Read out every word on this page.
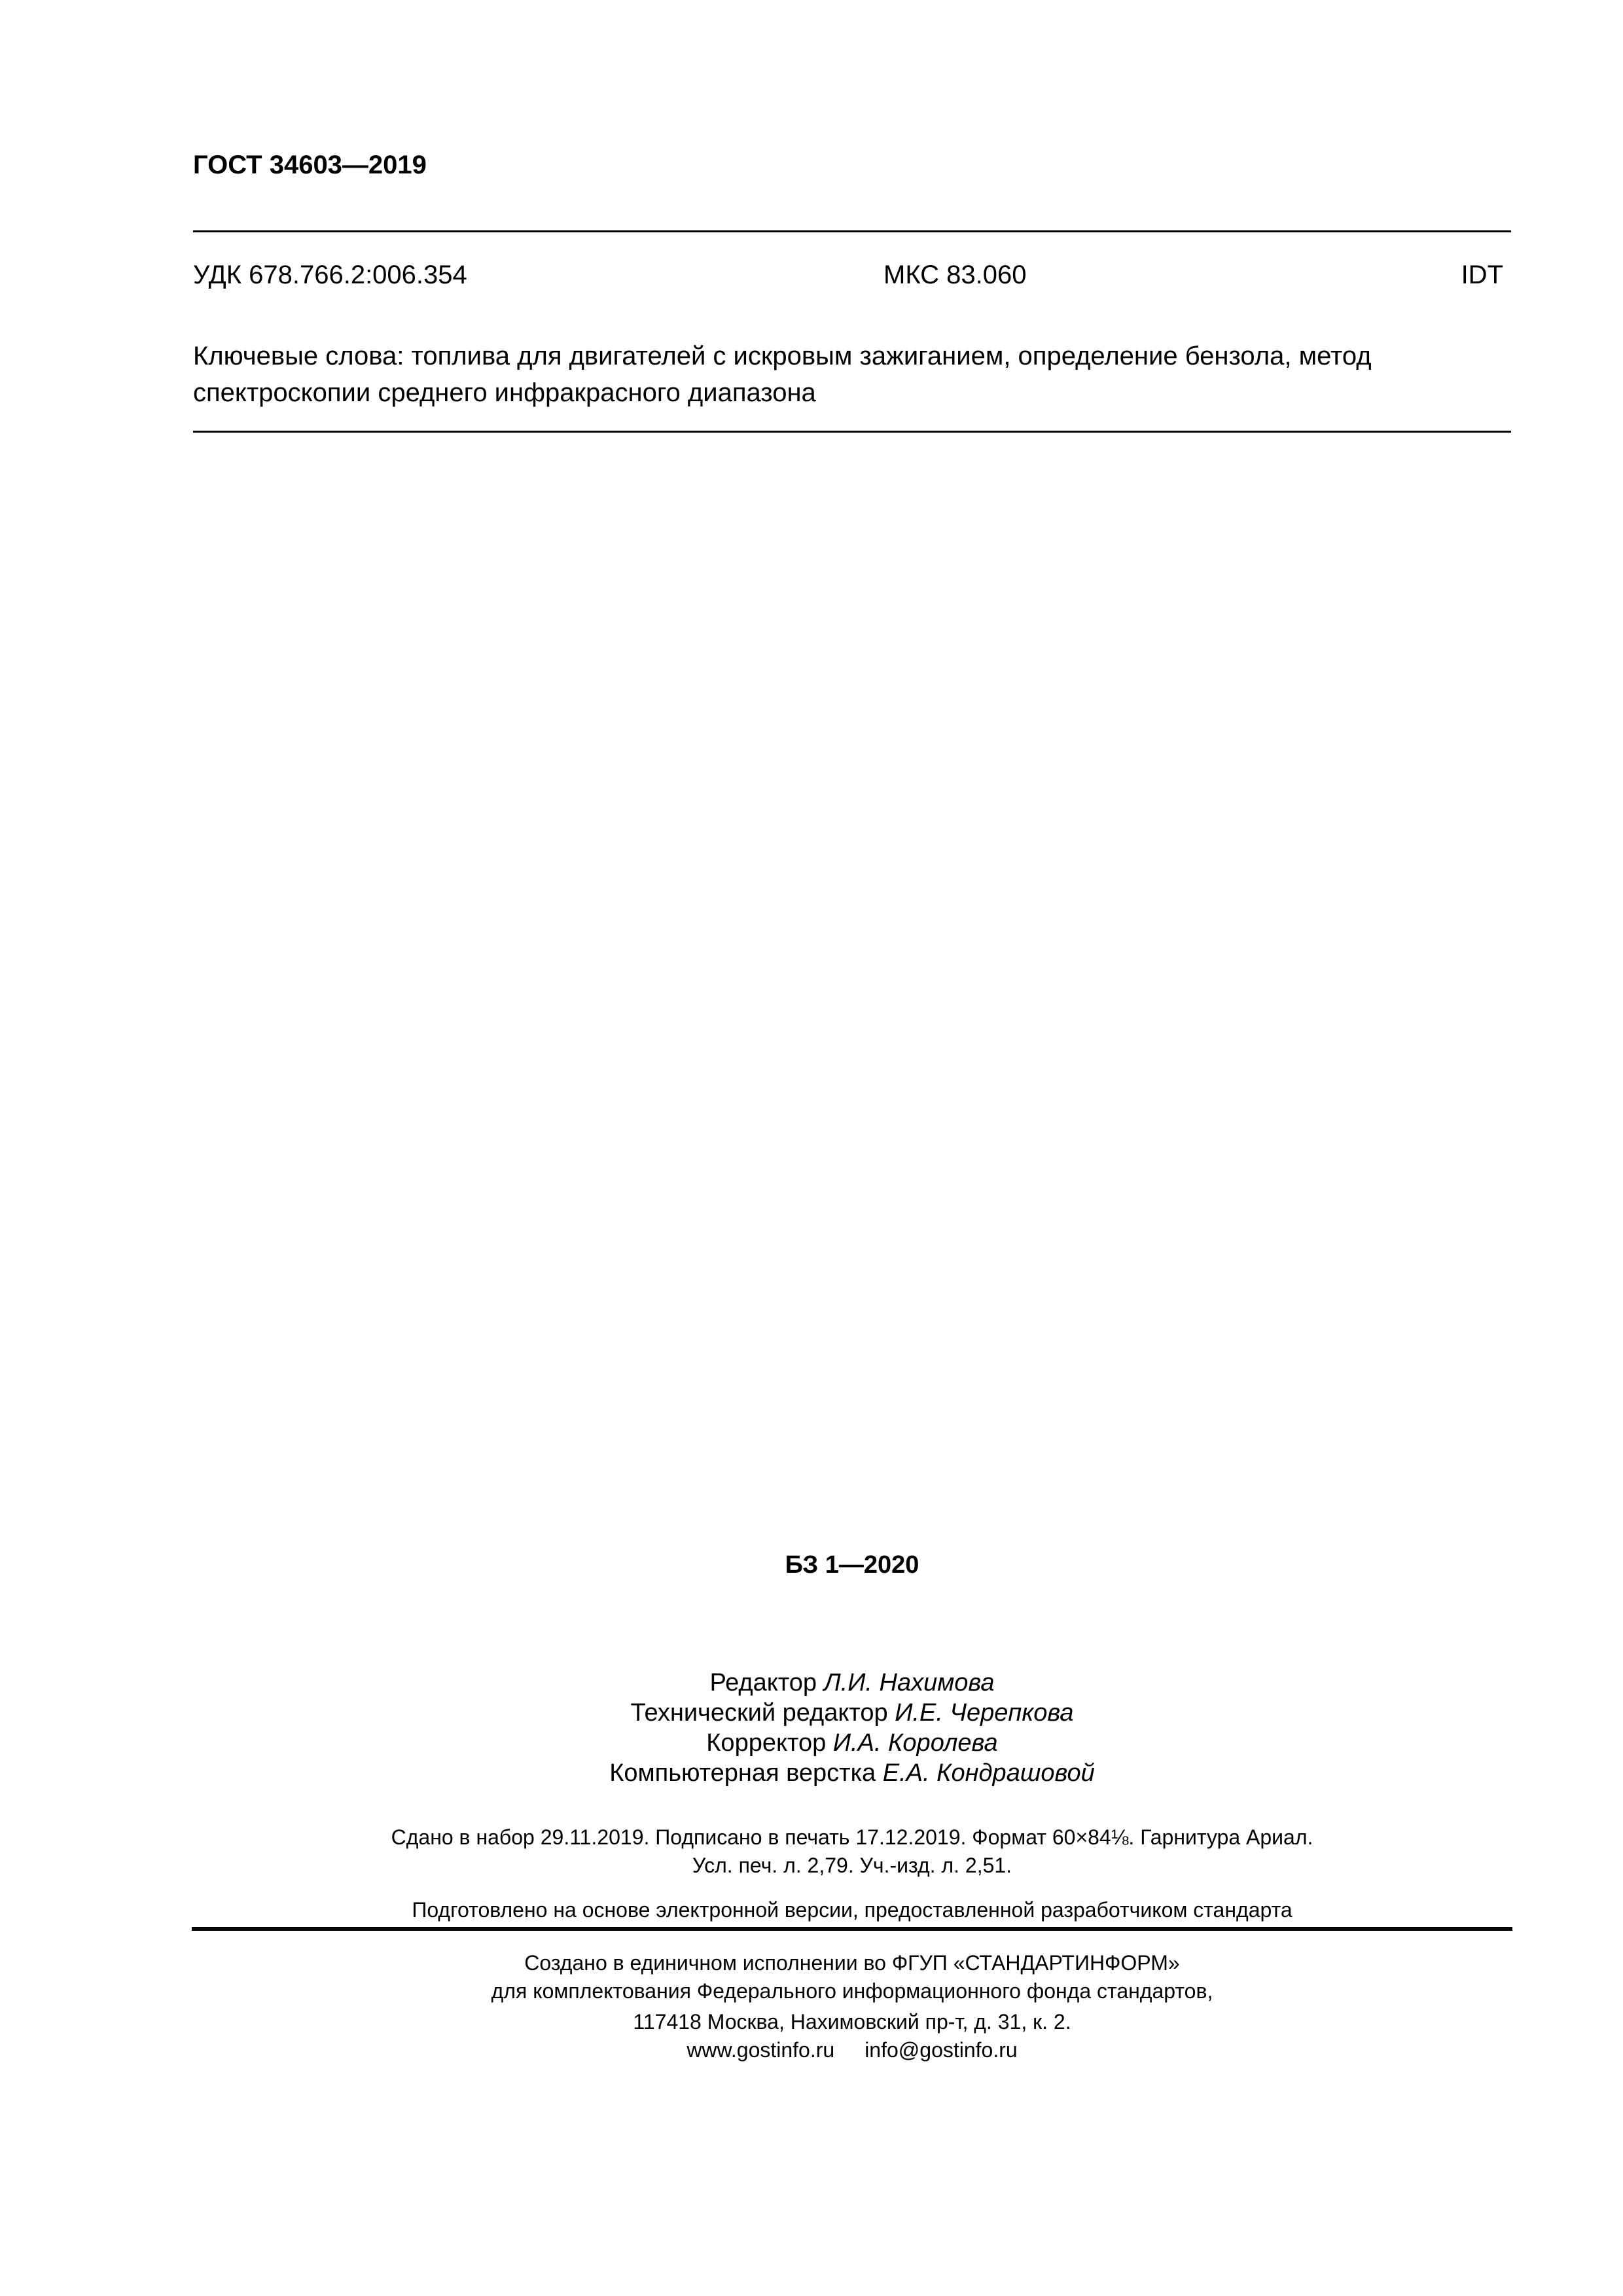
ГОСТ 34603—2019
УДК 678.766.2:006.354	МКС 83.060	IDT
Ключевые слова: топлива для двигателей с искровым зажиганием, определение бензола, метод спектроскопии среднего инфракрасного диапазона
БЗ 1—2020
Редактор Л.И. Нахимова
Технический редактор И.Е. Черепкова
Корректор И.А. Королева
Компьютерная верстка Е.А. Кондрашовой
Сдано в набор 29.11.2019. Подписано в печать 17.12.2019. Формат 60×84⅛. Гарнитура Ариал.
Усл. печ. л. 2,79. Уч.-изд. л. 2,51.
Подготовлено на основе электронной версии, предоставленной разработчиком стандарта
Создано в единичном исполнении во ФГУП «СТАНДАРТИНФОРМ»
для комплектования Федерального информационного фонда стандартов,
117418 Москва, Нахимовский пр-т, д. 31, к. 2.
www.gostinfo.ru info@gostinfo.ru
